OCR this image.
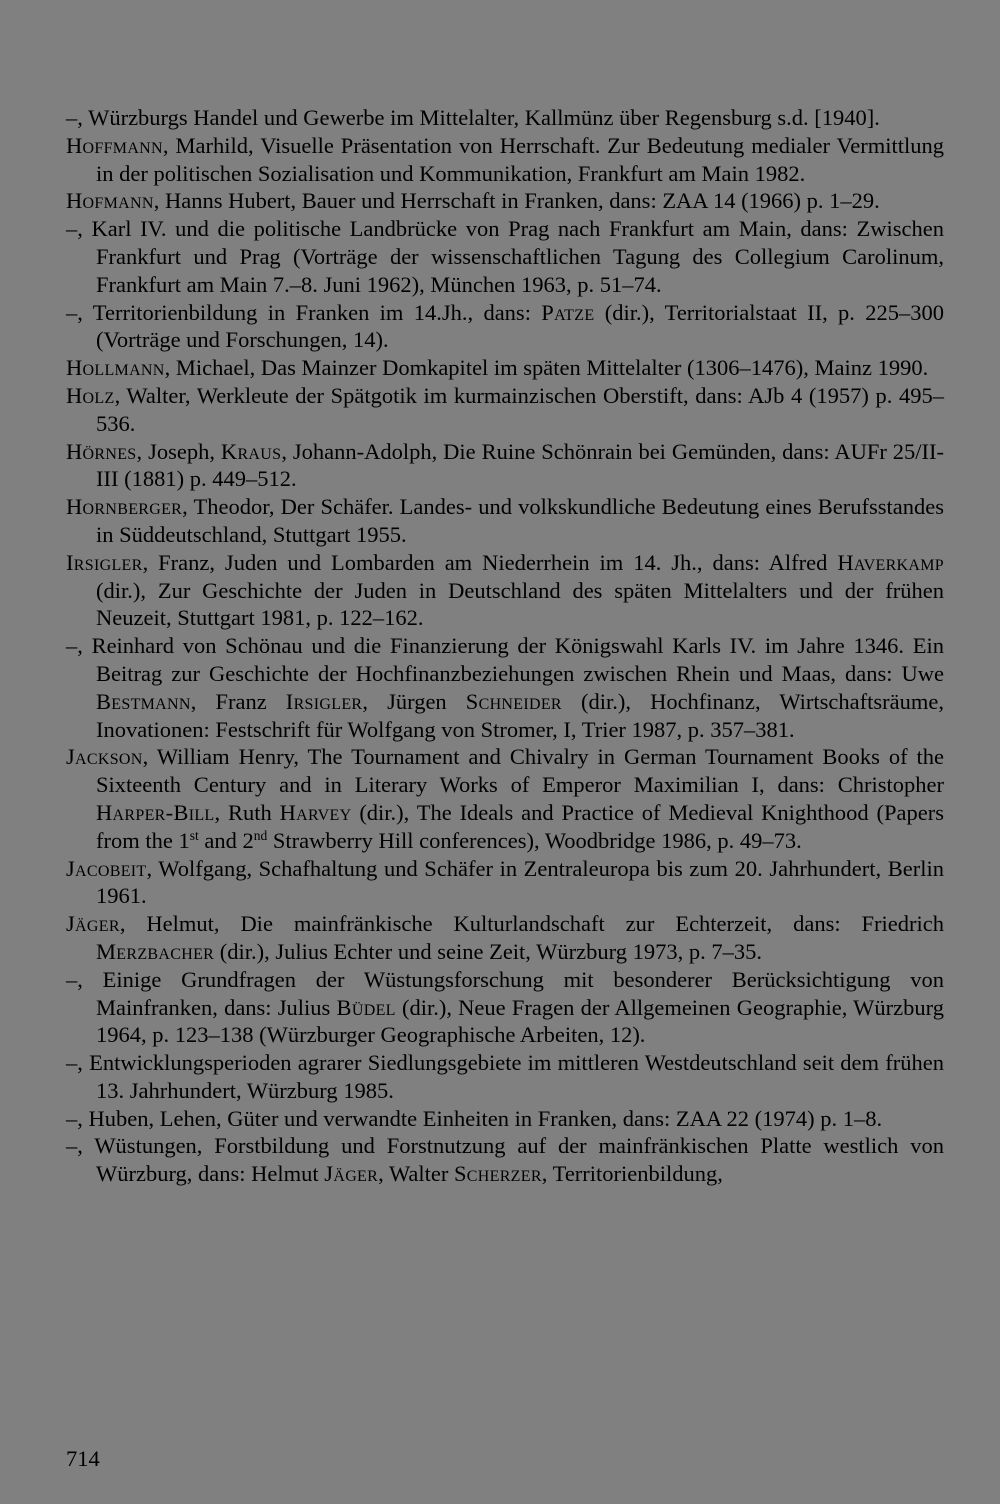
–, Würzburgs Handel und Gewerbe im Mittelalter, Kallmünz über Regensburg s.d. [1940].

Hoffmann, Marhild, Visuelle Präsentation von Herrschaft. Zur Bedeutung medialer Vermittlung in der politischen Sozialisation und Kommunikation, Frankfurt am Main 1982.

Hofmann, Hanns Hubert, Bauer und Herrschaft in Franken, dans: ZAA 14 (1966) p. 1–29.

–, Karl IV. und die politische Landbrücke von Prag nach Frankfurt am Main, dans: Zwischen Frankfurt und Prag (Vorträge der wissenschaftlichen Tagung des Collegium Carolinum, Frankfurt am Main 7.–8. Juni 1962), München 1963, p. 51–74.

–, Territorienbildung in Franken im 14.Jh., dans: Patze (dir.), Territorialstaat II, p. 225–300 (Vorträge und Forschungen, 14).

Hollmann, Michael, Das Mainzer Domkapitel im späten Mittelalter (1306–1476), Mainz 1990.

Holz, Walter, Werkleute der Spätgotik im kurmainzischen Oberstift, dans: AJb 4 (1957) p. 495–536.

Hörnes, Joseph, Kraus, Johann-Adolph, Die Ruine Schönrain bei Gemünden, dans: AUFr 25/II-III (1881) p. 449–512.

Hornberger, Theodor, Der Schäfer. Landes- und volkskundliche Bedeutung eines Berufsstandes in Süddeutschland, Stuttgart 1955.

Irsigler, Franz, Juden und Lombarden am Niederrhein im 14. Jh., dans: Alfred Haverkamp (dir.), Zur Geschichte der Juden in Deutschland des späten Mittelalters und der frühen Neuzeit, Stuttgart 1981, p. 122–162.

–, Reinhard von Schönau und die Finanzierung der Königswahl Karls IV. im Jahre 1346. Ein Beitrag zur Geschichte der Hochfinanzbeziehungen zwischen Rhein und Maas, dans: Uwe Bestmann, Franz Irsigler, Jürgen Schneider (dir.), Hochfinanz, Wirtschaftsräume, Inovationen: Festschrift für Wolfgang von Stromer, I, Trier 1987, p. 357–381.

Jackson, William Henry, The Tournament and Chivalry in German Tournament Books of the Sixteenth Century and in Literary Works of Emperor Maximilian I, dans: Christopher Harper-Bill, Ruth Harvey (dir.), The Ideals and Practice of Medieval Knighthood (Papers from the 1st and 2nd Strawberry Hill conferences), Woodbridge 1986, p. 49–73.

Jacobeit, Wolfgang, Schafhaltung und Schäfer in Zentraleuropa bis zum 20. Jahrhundert, Berlin 1961.

Jäger, Helmut, Die mainfränkische Kulturlandschaft zur Echterzeit, dans: Friedrich Merzbacher (dir.), Julius Echter und seine Zeit, Würzburg 1973, p. 7–35.

–, Einige Grundfragen der Wüstungsforschung mit besonderer Berücksichtigung von Mainfranken, dans: Julius Büdel (dir.), Neue Fragen der Allgemeinen Geographie, Würzburg 1964, p. 123–138 (Würzburger Geographische Arbeiten, 12).

–, Entwicklungsperioden agrarer Siedlungsgebiete im mittleren Westdeutschland seit dem frühen 13. Jahrhundert, Würzburg 1985.

–, Huben, Lehen, Güter und verwandte Einheiten in Franken, dans: ZAA 22 (1974) p. 1–8.

–, Wüstungen, Forstbildung und Forstnutzung auf der mainfränkischen Platte westlich von Würzburg, dans: Helmut Jäger, Walter Scherzer, Territorienbildung,

714
